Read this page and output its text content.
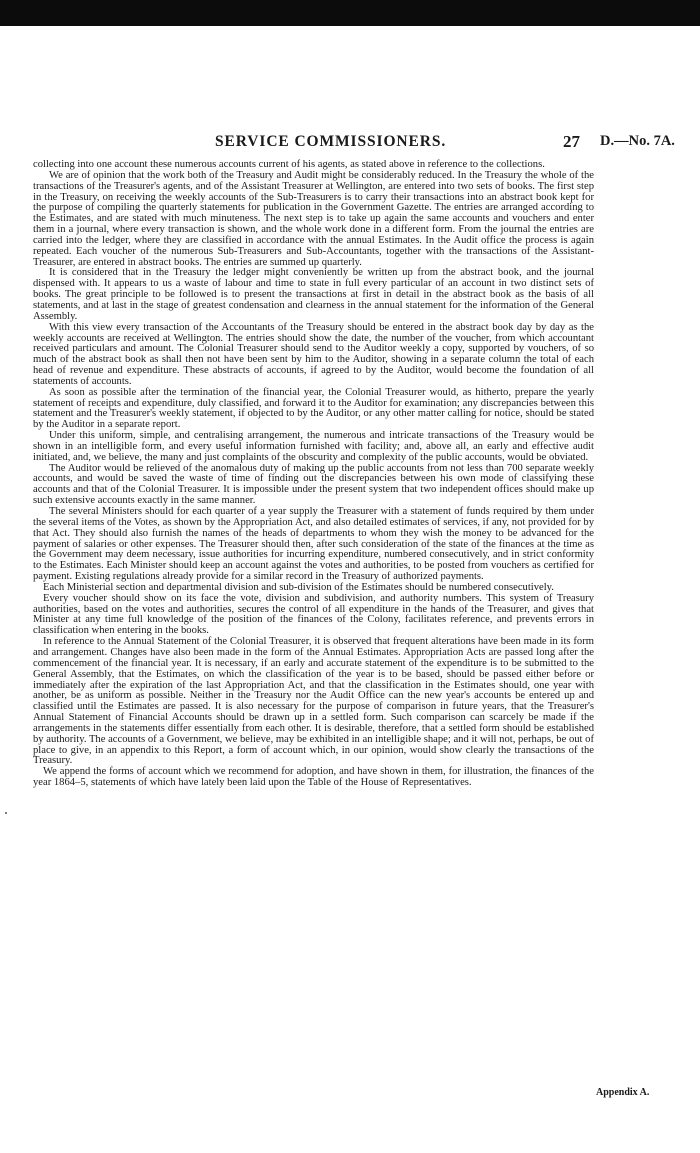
SERVICE COMMISSIONERS.	27 D.—No. 7A.

collecting into one account these numerous accounts current of his agents, as stated above in reference to the collections.

We are of opinion that the work both of the Treasury and Audit might be considerably reduced. In the Treasury the whole of the transactions of the Treasurer's agents, and of the Assistant Treasurer at Wellington, are entered into two sets of books. The first step in the Treasury, on receiving the weekly accounts of the Sub-Treasurers is to carry their transactions into an abstract book kept for the purpose of compiling the quarterly statements for publication in the Government Gazette. The entries are arranged according to the Estimates, and are stated with much minuteness. The next step is to take up again the same accounts and vouchers and enter them in a journal, where every transaction is shown, and the whole work done in a different form. From the journal the entries are carried into the ledger, where they are classified in accordance with the annual Estimates. In the Audit office the process is again repeated. Each voucher of the numerous Sub-Treasurers and Sub-Accountants, together with the transactions of the Assistant-Treasurer, are entered in abstract books. The entries are summed up quarterly.

It is considered that in the Treasury the ledger might conveniently be written up from the abstract book, and the journal dispensed with. It appears to us a waste of labour and time to state in full every particular of an account in two distinct sets of books. The great principle to be followed is to present the transactions at first in detail in the abstract book as the basis of all statements, and at last in the stage of greatest condensation and clearness in the annual statement for the information of the General Assembly.

With this view every transaction of the Accountants of the Treasury should be entered in the abstract book day by day as the weekly accounts are received at Wellington. The entries should show the date, the number of the voucher, from which accountant received particulars and amount. The Colonial Treasurer should send to the Auditor weekly a copy, supported by vouchers, of so much of the abstract book as shall then not have been sent by him to the Auditor, showing in a separate column the total of each head of revenue and expenditure. These abstracts of accounts, if agreed to by the Auditor, would become the foundation of all statements of accounts.

As soon as possible after the termination of the financial year, the Colonial Treasurer would, as hitherto, prepare the yearly statement of receipts and expenditure, duly classified, and forward it to the Auditor for examination; any discrepancies between this statement and the Treasurer's weekly statement, if objected to by the Auditor, or any other matter calling for notice, should be stated by the Auditor in a separate report.

Under this uniform, simple, and centralising arrangement, the numerous and intricate transactions of the Treasury would be shown in an intelligible form, and every useful information furnished with facility; and, above all, an early and effective audit initiated, and, we believe, the many and just complaints of the obscurity and complexity of the public accounts, would be obviated.

The Auditor would be relieved of the anomalous duty of making up the public accounts from not less than 700 separate weekly accounts, and would be saved the waste of time of finding out the discrepancies between his own mode of classifying these accounts and that of the Colonial Treasurer. It is impossible under the present system that two independent offices should make up such extensive accounts exactly in the same manner.

The several Ministers should for each quarter of a year supply the Treasurer with a statement of funds required by them under the several items of the Votes, as shown by the Appropriation Act, and also detailed estimates of services, if any, not provided for by that Act. They should also furnish the names of the heads of departments to whom they wish the money to be advanced for the payment of salaries or other expenses. The Treasurer should then, after such consideration of the state of the finances at the time as the Government may deem necessary, issue authorities for incurring expenditure, numbered consecutively, and in strict conformity to the Estimates. Each Minister should keep an account against the votes and authorities, to be posted from vouchers as certified for payment. Existing regulations already provide for a similar record in the Treasury of authorized payments.

Each Ministerial section and departmental division and sub-division of the Estimates should be numbered consecutively.

Every voucher should show on its face the vote, division and subdivision, and authority numbers. This system of Treasury authorities, based on the votes and authorities, secures the control of all expenditure in the hands of the Treasurer, and gives that Minister at any time full knowledge of the position of the finances of the Colony, facilitates reference, and prevents errors in classification when entering in the books.

In reference to the Annual Statement of the Colonial Treasurer, it is observed that frequent alterations have been made in its form and arrangement. Changes have also been made in the form of the Annual Estimates. Appropriation Acts are passed long after the commencement of the financial year. It is necessary, if an early and accurate statement of the expenditure is to be submitted to the General Assembly, that the Estimates, on which the classification of the year is to be based, should be passed either before or immediately after the expiration of the last Appropriation Act, and that the classification in the Estimates should, one year with another, be as uniform as possible. Neither in the Treasury nor the Audit Office can the new year's accounts be entered up and classified until the Estimates are passed. It is also necessary for the purpose of comparison in future years, that the Treasurer's Annual Statement of Financial Accounts should be drawn up in a settled form. Such comparison can scarcely be made if the arrangements in the statements differ essentially from each other. It is desirable, therefore, that a settled form should be established by authority. The accounts of a Government, we believe, may be exhibited in an intelligible shape; and it will not, perhaps, be out of place to give, in an appendix to this Report, a form of account which, in our opinion, would show clearly the transactions of the Treasury.

We append the forms of account which we recommend for adoption, and have shown in them, for illustration, the finances of the year 1864–5, statements of which have lately been laid upon the Table of the House of Representatives.

Appendix A.
